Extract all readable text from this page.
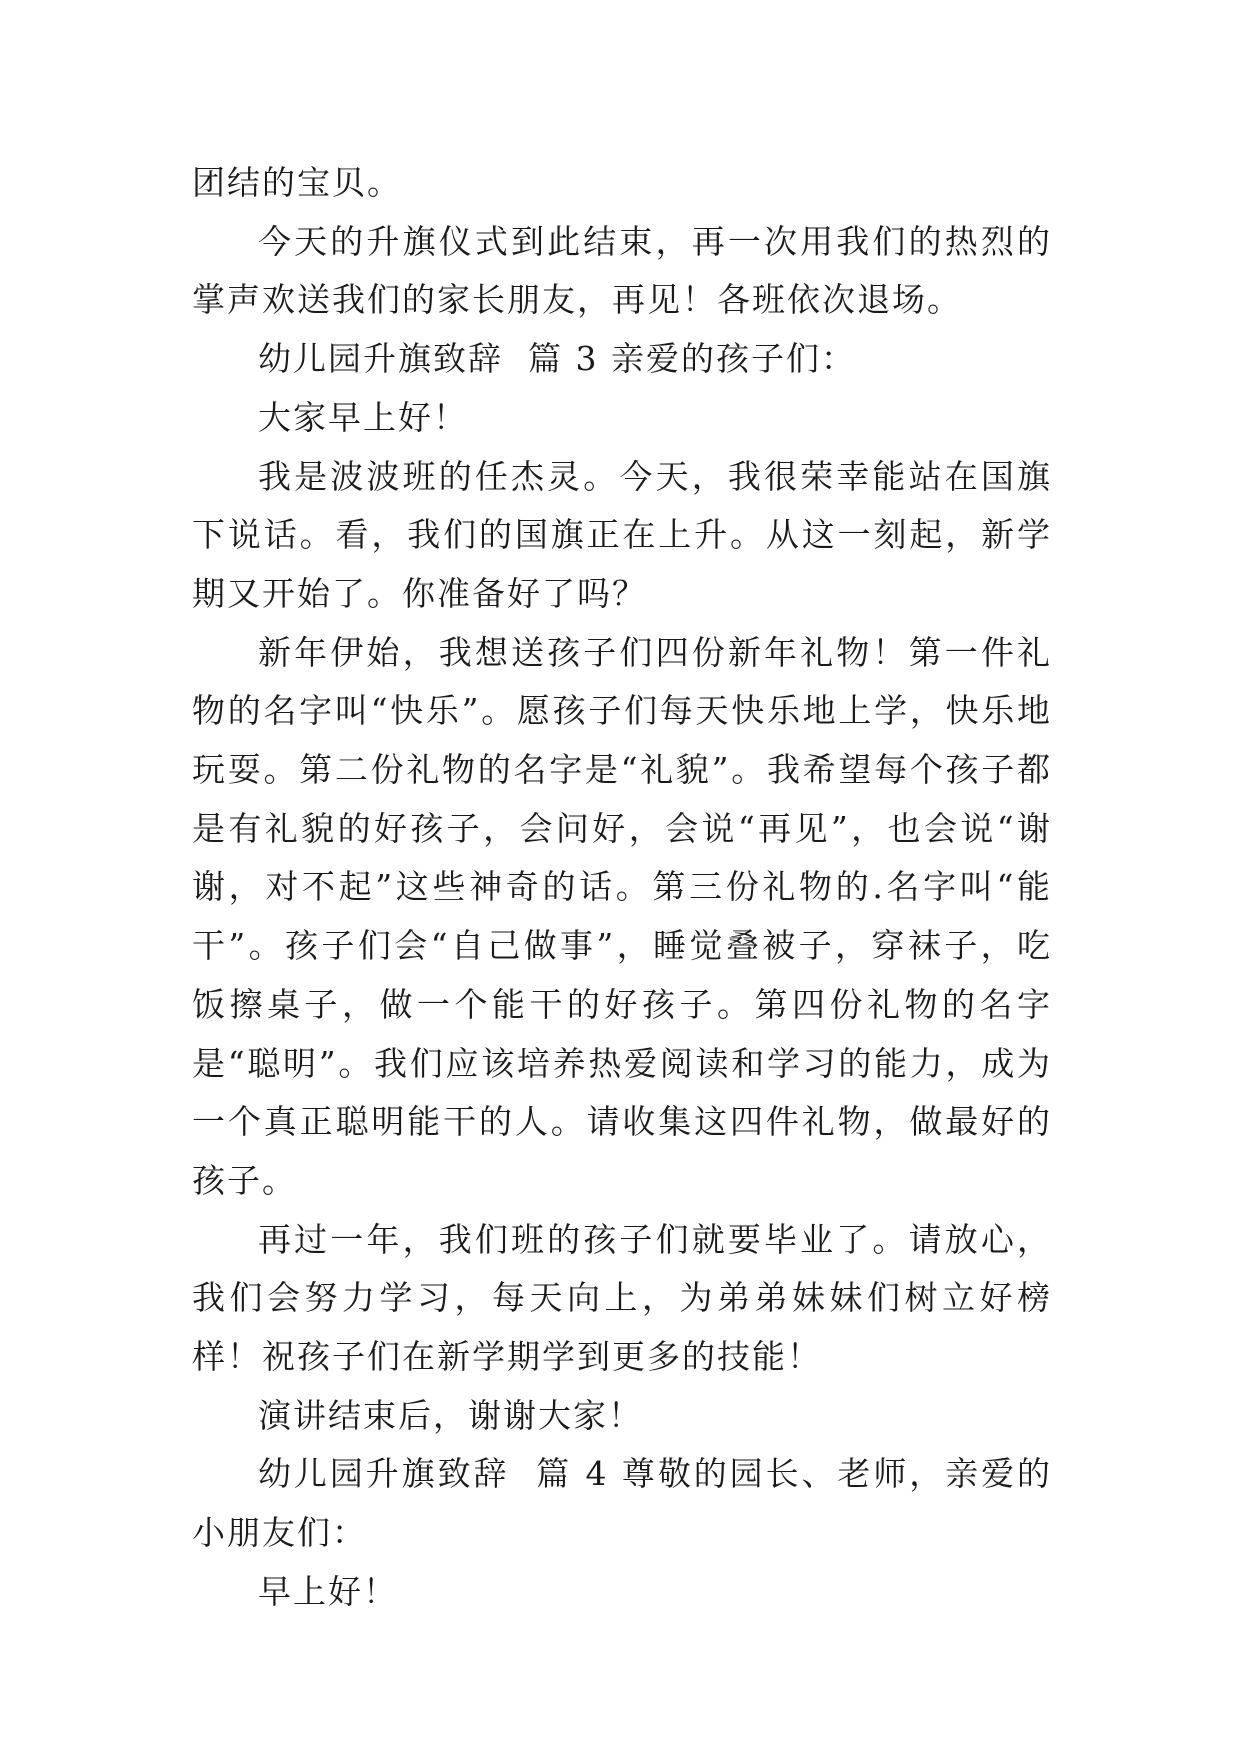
团结的宝贝。

今天的升旗仪式到此结束，再一次用我们的热烈的掌声欢送我们的家长朋友，再见！各班依次退场。

幼儿园升旗致辞  篇 3 亲爱的孩子们：

大家早上好！

我是波波班的任杰灵。今天，我很荣幸能站在国旗下说话。看，我们的国旗正在上升。从这一刻起，新学期又开始了。你准备好了吗？

新年伊始，我想送孩子们四份新年礼物！第一件礼物的名字叫“快乐”。愿孩子们每天快乐地上学，快乐地玩耍。第二份礼物的名字是“礼貌”。我希望每个孩子都是有礼貌的好孩子，会问好，会说“再见”，也会说“谢谢，对不起”这些神奇的话。第三份礼物的.名字叫“能干”。孩子们会“自己做事”，睡觉叠被子，穿袜子，吃饭擦桌子，做一个能干的好孩子。第四份礼物的名字是“聪明”。我们应该培养热爱阅读和学习的能力，成为一个真正聪明能干的人。请收集这四件礼物，做最好的孩子。

再过一年，我们班的孩子们就要毕业了。请放心，我们会努力学习，每天向上，为弟弟妹妹们树立好榜样！祝孩子们在新学期学到更多的技能！

演讲结束后，谢谢大家！

幼儿园升旗致辞  篇 4 尊敬的园长、老师，亲爱的小朋友们：

早上好！
